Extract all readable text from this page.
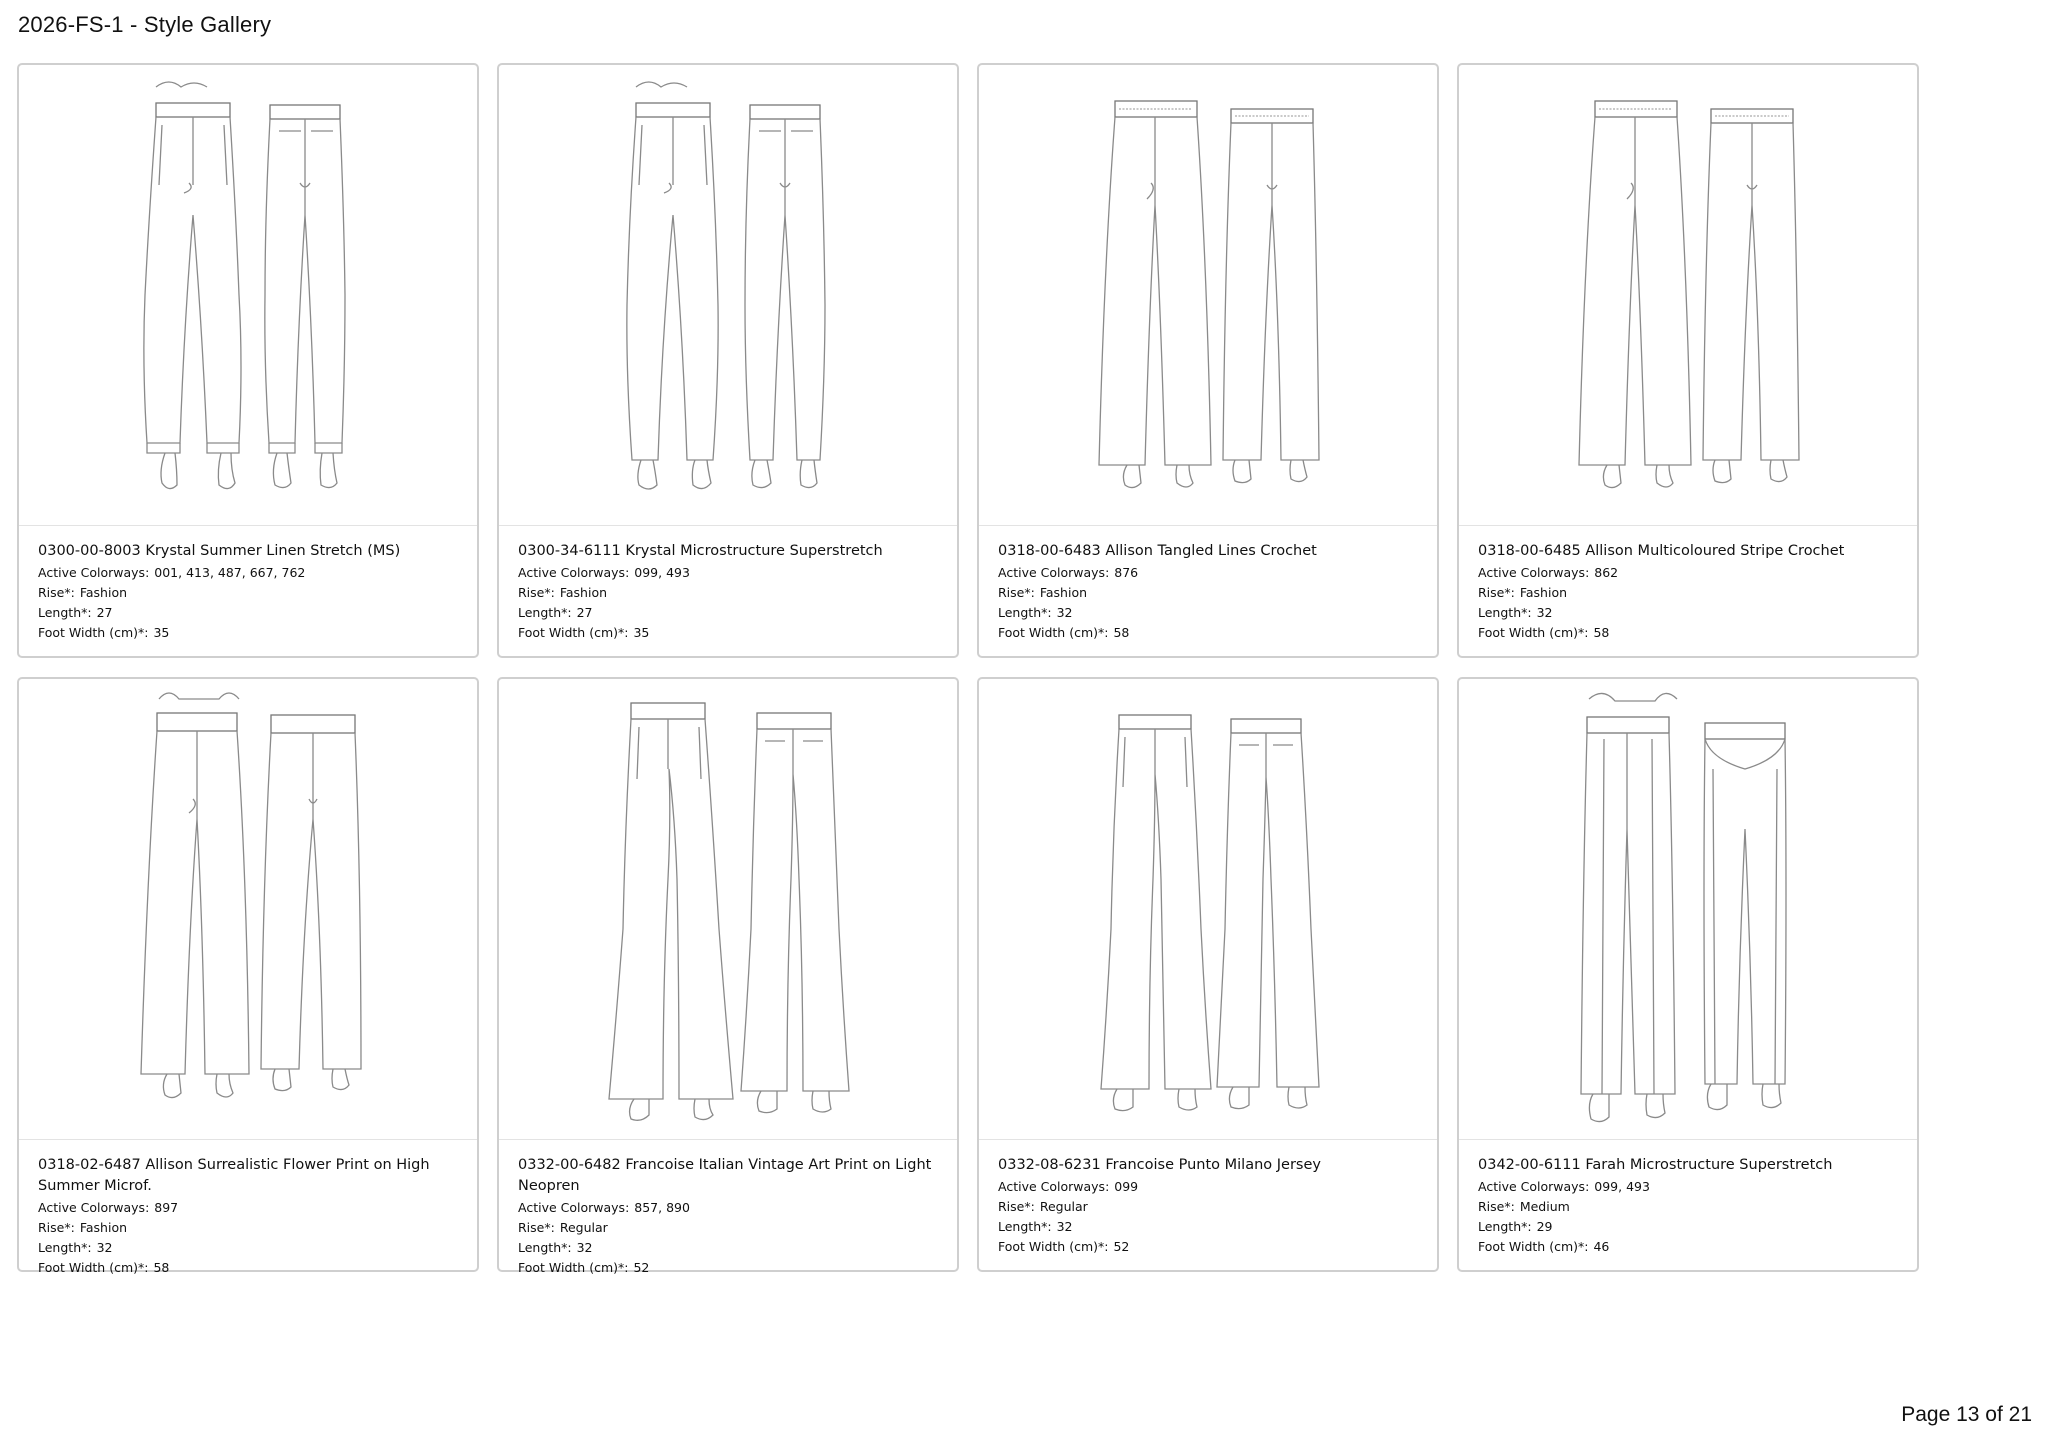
2026-FS-1 - Style Gallery
0300-00-8003 Krystal Summer Linen Stretch (MS)
Active Colorways: 001, 413, 487, 667, 762
Rise*: Fashion
Length*: 27
Foot Width (cm)*: 35
0300-34-6111 Krystal Microstructure Superstretch
Active Colorways: 099, 493
Rise*: Fashion
Length*: 27
Foot Width (cm)*: 35
0318-00-6483 Allison Tangled Lines Crochet
Active Colorways: 876
Rise*: Fashion
Length*: 32
Foot Width (cm)*: 58
0318-00-6485 Allison Multicoloured Stripe Crochet
Active Colorways: 862
Rise*: Fashion
Length*: 32
Foot Width (cm)*: 58
0318-02-6487 Allison Surrealistic Flower Print on High Summer Microf.
Active Colorways: 897
Rise*: Fashion
Length*: 32
Foot Width (cm)*: 58
0332-00-6482 Francoise Italian Vintage Art Print on Light Neopren
Active Colorways: 857, 890
Rise*: Regular
Length*: 32
Foot Width (cm)*: 52
0332-08-6231 Francoise Punto Milano Jersey
Active Colorways: 099
Rise*: Regular
Length*: 32
Foot Width (cm)*: 52
0342-00-6111 Farah Microstructure Superstretch
Active Colorways: 099, 493
Rise*: Medium
Length*: 29
Foot Width (cm)*: 46
Page 13 of 21
